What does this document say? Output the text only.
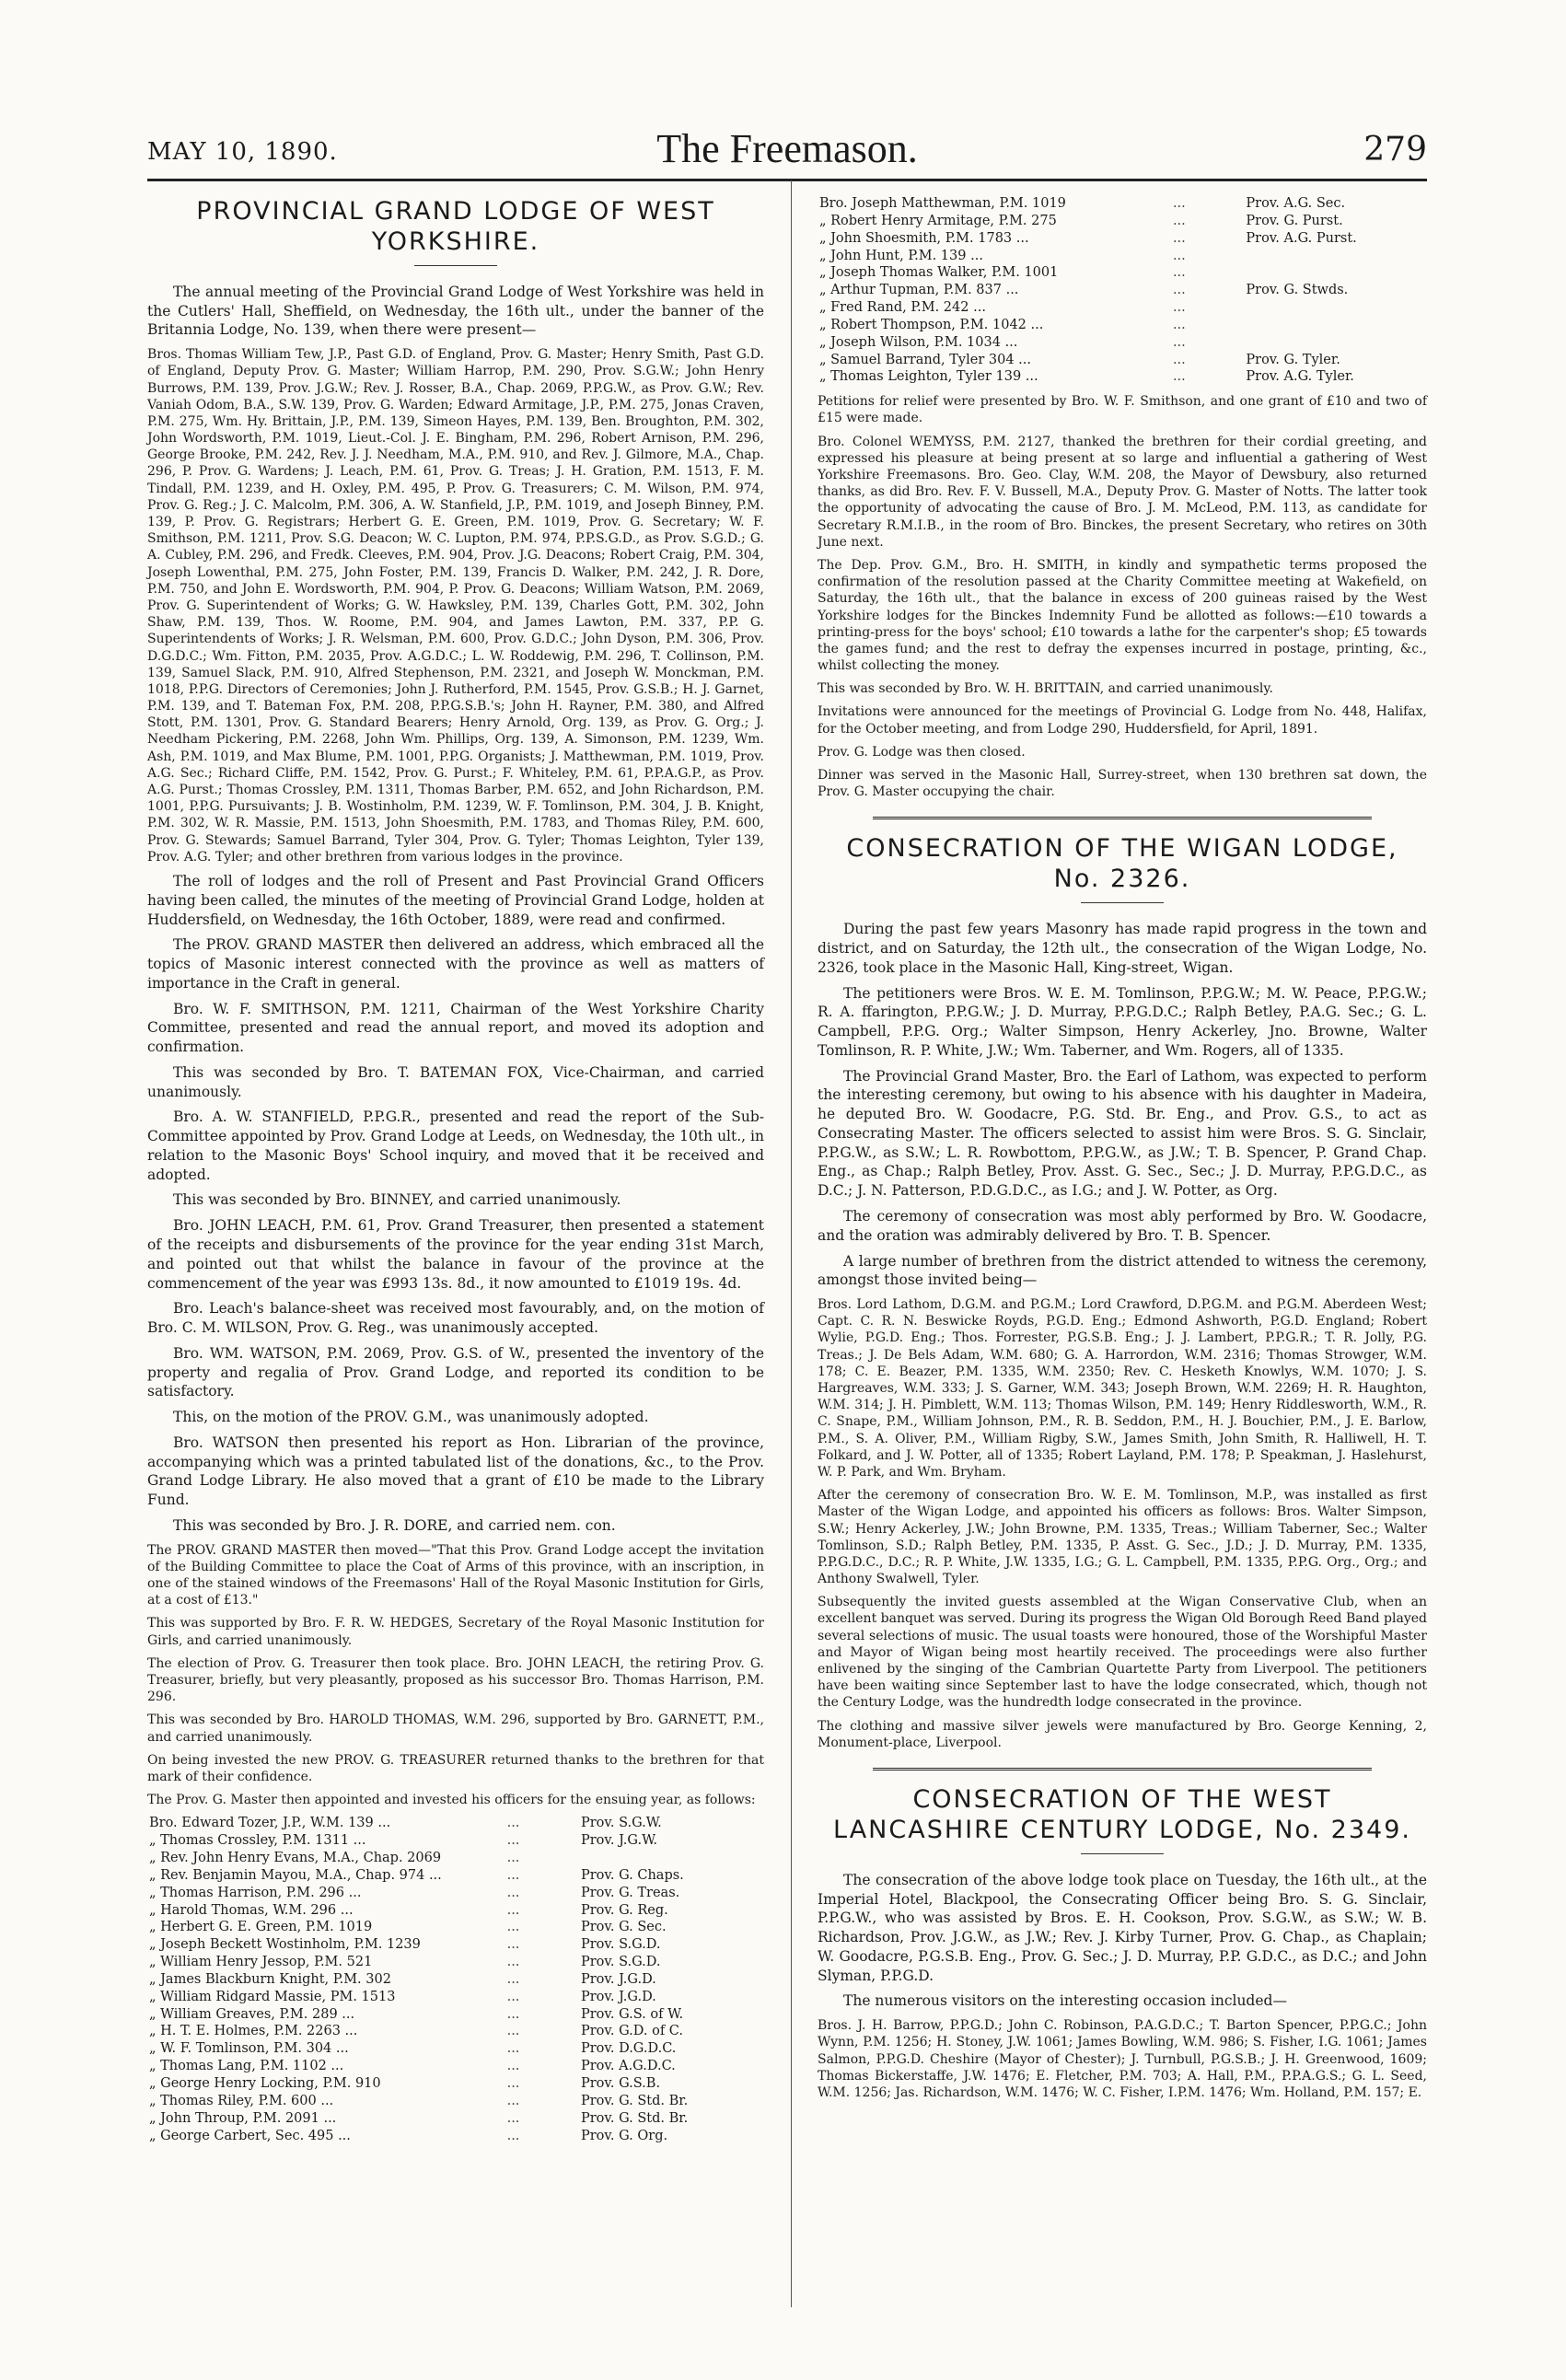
MAY 10, 1890.	The Freemason.	279
PROVINCIAL GRAND LODGE OF WEST YORKSHIRE.

The annual meeting of the Provincial Grand Lodge of West Yorkshire was held in the Cutlers' Hall, Sheffield, on Wednesday, the 16th ult., under the banner of the Britannia Lodge, No. 139, when there were present—

Bros. Thomas William Tew, J.P., Past G.D. of England, Prov. G. Master; Henry Smith, Past G.D. of England, Deputy Prov. G. Master; William Harrop, P.M. 290, Prov. S.G.W.; John Henry Burrows, P.M. 139, Prov. J.G.W.; Rev. J. Rosser, B.A., Chap. 2069, P.P.G.W., as Prov. G.W.; Rev. Vaniah Odom, B.A., S.W. 139, Prov. G. Warden; Edward Armitage, J.P., P.M. 275, Jonas Craven, P.M. 275, Wm. Hy. Brittain, J.P., P.M. 139, Simeon Hayes, P.M. 139, Ben. Broughton, P.M. 302, John Wordsworth, P.M. 1019, Lieut.-Col. J. E. Bingham, P.M. 296, Robert Arnison, P.M. 296, George Brooke, P.M. 242, Rev. J. J. Needham, M.A., P.M. 910, and Rev. J. Gilmore, M.A., Chap. 296, P. Prov. G. Wardens; J. Leach, P.M. 61, Prov. G. Treas; J. H. Gration, P.M. 1513, F. M. Tindall, P.M. 1239, and H. Oxley, P.M. 495, P. Prov. G. Treasurers; C. M. Wilson, P.M. 974, Prov. G. Reg.; J. C. Malcolm, P.M. 306, A. W. Stanfield, J.P., P.M. 1019, and Joseph Binney, P.M. 139, P. Prov. G. Registrars; Herbert G. E. Green, P.M. 1019, Prov. G. Secretary; W. F. Smithson, P.M. 1211, Prov. S.G. Deacon; W. C. Lupton, P.M. 974, P.P.S.G.D., as Prov. S.G.D.; G. A. Cubley, P.M. 296, and Fredk. Cleeves, P.M. 904, Prov. J.G. Deacons; Robert Craig, P.M. 304, Joseph Lowenthal, P.M. 275, John Foster, P.M. 139, Francis D. Walker, P.M. 242, J. R. Dore, P.M. 750, and John E. Wordsworth, P.M. 904, P. Prov. G. Deacons; William Watson, P.M. 2069, Prov. G. Superintendent of Works; G. W. Hawksley, P.M. 139, Charles Gott, P.M. 302, John Shaw, P.M. 139, Thos. W. Roome, P.M. 904, and James Lawton, P.M. 337, P.P. G. Superintendents of Works; J. R. Welsman, P.M. 600, Prov. G.D.C.; John Dyson, P.M. 306, Prov. D.G.D.C.; Wm. Fitton, P.M. 2035, Prov. A.G.D.C.; L. W. Roddewig, P.M. 296, T. Collinson, P.M. 139, Samuel Slack, P.M. 910, Alfred Stephenson, P.M. 2321, and Joseph W. Monckman, P.M. 1018, P.P.G. Directors of Ceremonies; John J. Rutherford, P.M. 1545, Prov. G.S.B.; H. J. Garnet, P.M. 139, and T. Bateman Fox, P.M. 208, P.P.G.S.B.'s; John H. Rayner, P.M. 380, and Alfred Stott, P.M. 1301, Prov. G. Standard Bearers; Henry Arnold, Org. 139, as Prov. G. Org.; J. Needham Pickering, P.M. 2268, John Wm. Phillips, Org. 139, A. Simonson, P.M. 1239, Wm. Ash, P.M. 1019, and Max Blume, P.M. 1001, P.P.G. Organists; J. Matthewman, P.M. 1019, Prov. A.G. Sec.; Richard Cliffe, P.M. 1542, Prov. G. Purst.; F. Whiteley, P.M. 61, P.P.A.G.P., as Prov. A.G. Purst.; Thomas Crossley, P.M. 1311, Thomas Barber, P.M. 652, and John Richardson, P.M. 1001, P.P.G. Pursuivants; J. B. Wostinholm, P.M. 1239, W. F. Tomlinson, P.M. 304, J. B. Knight, P.M. 302, W. R. Massie, P.M. 1513, John Shoesmith, P.M. 1783, and Thomas Riley, P.M. 600, Prov. G. Stewards; Samuel Barrand, Tyler 304, Prov. G. Tyler; Thomas Leighton, Tyler 139, Prov. A.G. Tyler; and other brethren from various lodges in the province.

The roll of lodges and the roll of Present and Past Provincial Grand Officers having been called, the minutes of the meeting of Provincial Grand Lodge, holden at Huddersfield, on Wednesday, the 16th October, 1889, were read and confirmed.

The PROV. GRAND MASTER then delivered an address, which embraced all the topics of Masonic interest connected with the province as well as matters of importance in the Craft in general.

Bro. W. F. SMITHSON, P.M. 1211, Chairman of the West Yorkshire Charity Committee, presented and read the annual report, and moved its adoption and confirmation.

This was seconded by Bro. T. BATEMAN FOX, Vice-Chairman, and carried unanimously.

Bro. A. W. STANFIELD, P.P.G.R., presented and read the report of the Sub-Committee appointed by Prov. Grand Lodge at Leeds, on Wednesday, the 10th ult., in relation to the Masonic Boys' School inquiry, and moved that it be received and adopted.

This was seconded by Bro. BINNEY, and carried unanimously.

Bro. JOHN LEACH, P.M. 61, Prov. Grand Treasurer, then presented a statement of the receipts and disbursements of the province for the year ending 31st March, and pointed out that whilst the balance in favour of the province at the commencement of the year was £993 13s. 8d., it now amounted to £1019 19s. 4d.

Bro. Leach's balance-sheet was received most favourably, and, on the motion of Bro. C. M. WILSON, Prov. G. Reg., was unanimously accepted.

Bro. WM. WATSON, P.M. 2069, Prov. G.S. of W., presented the inventory of the property and regalia of Prov. Grand Lodge, and reported its condition to be satisfactory.

This, on the motion of the PROV. G.M., was unanimously adopted.

Bro. WATSON then presented his report as Hon. Librarian of the province, accompanying which was a printed tabulated list of the donations, &c., to the Prov. Grand Lodge Library. He also moved that a grant of £10 be made to the Library Fund.

This was seconded by Bro. J. R. DORE, and carried nem. con.

The PROV. GRAND MASTER then moved—"That this Prov. Grand Lodge accept the invitation of the Building Committee to place the Coat of Arms of this province, with an inscription, in one of the stained windows of the Freemasons' Hall of the Royal Masonic Institution for Girls, at a cost of £13."

This was supported by Bro. F. R. W. HEDGES, Secretary of the Royal Masonic Institution for Girls, and carried unanimously.

The election of Prov. G. Treasurer then took place. Bro. JOHN LEACH, the retiring Prov. G. Treasurer, briefly, but very pleasantly, proposed as his successor Bro. Thomas Harrison, P.M. 296.

This was seconded by Bro. HAROLD THOMAS, W.M. 296, supported by Bro. GARNETT, P.M., and carried unanimously.

On being invested the new PROV. G. TREASURER returned thanks to the brethren for that mark of their confidence.

The Prov. G. Master then appointed and invested his officers for the ensuing year, as follows:

Bro. Edward Tozer, J.P., W.M. 139 ...	...	Prov. S.G.W.
„ Thomas Crossley, P.M. 1311 ...	...	Prov. J.G.W.
„ Rev. John Henry Evans, M.A., Chap. 2069	...	
„ Rev. Benjamin Mayou, M.A., Chap. 974 ...	...	Prov. G. Chaps.
„ Thomas Harrison, P.M. 296 ...	...	Prov. G. Treas.
„ Harold Thomas, W.M. 296 ...	...	Prov. G. Reg.
„ Herbert G. E. Green, P.M. 1019	...	Prov. G. Sec.
„ Joseph Beckett Wostinholm, P.M. 1239	...	Prov. S.G.D.
„ William Henry Jessop, P.M. 521	...	Prov. S.G.D.
„ James Blackburn Knight, P.M. 302	...	Prov. J.G.D.
„ William Ridgard Massie, PM. 1513	...	Prov. J.G.D.
„ William Greaves, P.M. 289 ...	...	Prov. G.S. of W.
„ H. T. E. Holmes, P.M. 2263 ...	...	Prov. G.D. of C.
„ W. F. Tomlinson, P.M. 304 ...	...	Prov. D.G.D.C.
„ Thomas Lang, P.M. 1102 ...	...	Prov. A.G.D.C.
„ George Henry Locking, P.M. 910	...	Prov. G.S.B.
„ Thomas Riley, P.M. 600 ...	...	Prov. G. Std. Br.
„ John Throup, P.M. 2091 ...	...	Prov. G. Std. Br.
„ George Carbert, Sec. 495 ...	...	Prov. G. Org.
Bro. Joseph Matthewman, P.M. 1019	...	Prov. A.G. Sec.
„ Robert Henry Armitage, P.M. 275	...	Prov. G. Purst.
„ John Shoesmith, P.M. 1783 ...	...	Prov. A.G. Purst.
„ John Hunt, P.M. 139 ...	...	
„ Joseph Thomas Walker, P.M. 1001	...	
„ Arthur Tupman, P.M. 837 ...	...	Prov. G. Stwds.
„ Fred Rand, P.M. 242 ...	...	
„ Robert Thompson, P.M. 1042 ...	...	
„ Joseph Wilson, P.M. 1034 ...	...	
„ Samuel Barrand, Tyler 304 ...	...	Prov. G. Tyler.
„ Thomas Leighton, Tyler 139 ...	...	Prov. A.G. Tyler.

Petitions for relief were presented by Bro. W. F. Smithson, and one grant of £10 and two of £15 were made.

Bro. Colonel WEMYSS, P.M. 2127, thanked the brethren for their cordial greeting, and expressed his pleasure at being present at so large and influential a gathering of West Yorkshire Freemasons. Bro. Geo. Clay, W.M. 208, the Mayor of Dewsbury, also returned thanks, as did Bro. Rev. F. V. Bussell, M.A., Deputy Prov. G. Master of Notts. The latter took the opportunity of advocating the cause of Bro. J. M. McLeod, P.M. 113, as candidate for Secretary R.M.I.B., in the room of Bro. Binckes, the present Secretary, who retires on 30th June next.

The Dep. Prov. G.M., Bro. H. SMITH, in kindly and sympathetic terms proposed the confirmation of the resolution passed at the Charity Committee meeting at Wakefield, on Saturday, the 16th ult., that the balance in excess of 200 guineas raised by the West Yorkshire lodges for the Binckes Indemnity Fund be allotted as follows:—£10 towards a printing-press for the boys' school; £10 towards a lathe for the carpenter's shop; £5 towards the games fund; and the rest to defray the expenses incurred in postage, printing, &c., whilst collecting the money.

This was seconded by Bro. W. H. BRITTAIN, and carried unanimously.

Invitations were announced for the meetings of Provincial G. Lodge from No. 448, Halifax, for the October meeting, and from Lodge 290, Huddersfield, for April, 1891.

Prov. G. Lodge was then closed.

Dinner was served in the Masonic Hall, Surrey-street, when 130 brethren sat down, the Prov. G. Master occupying the chair.

CONSECRATION OF THE WIGAN LODGE,
No. 2326.

During the past few years Masonry has made rapid progress in the town and district, and on Saturday, the 12th ult., the consecration of the Wigan Lodge, No. 2326, took place in the Masonic Hall, King-street, Wigan.

The petitioners were Bros. W. E. M. Tomlinson, P.P.G.W.; M. W. Peace, P.P.G.W.; R. A. ffarington, P.P.G.W.; J. D. Murray, P.P.G.D.C.; Ralph Betley, P.A.G. Sec.; G. L. Campbell, P.P.G. Org.; Walter Simpson, Henry Ackerley, Jno. Browne, Walter Tomlinson, R. P. White, J.W.; Wm. Taberner, and Wm. Rogers, all of 1335.

The Provincial Grand Master, Bro. the Earl of Lathom, was expected to perform the interesting ceremony, but owing to his absence with his daughter in Madeira, he deputed Bro. W. Goodacre, P.G. Std. Br. Eng., and Prov. G.S., to act as Consecrating Master. The officers selected to assist him were Bros. S. G. Sinclair, P.P.G.W., as S.W.; L. R. Rowbottom, P.P.G.W., as J.W.; T. B. Spencer, P. Grand Chap. Eng., as Chap.; Ralph Betley, Prov. Asst. G. Sec., Sec.; J. D. Murray, P.P.G.D.C., as D.C.; J. N. Patterson, P.D.G.D.C., as I.G.; and J. W. Potter, as Org.

The ceremony of consecration was most ably performed by Bro. W. Goodacre, and the oration was admirably delivered by Bro. T. B. Spencer.

A large number of brethren from the district attended to witness the ceremony, amongst those invited being—

Bros. Lord Lathom, D.G.M. and P.G.M.; Lord Crawford, D.P.G.M. and P.G.M. Aberdeen West; Capt. C. R. N. Beswicke Royds, P.G.D. Eng.; Edmond Ashworth, P.G.D. England; Robert Wylie, P.G.D. Eng.; Thos. Forrester, P.G.S.B. Eng.; J. J. Lambert, P.P.G.R.; T. R. Jolly, P.G. Treas.; J. De Bels Adam, W.M. 680; G. A. Harrordon, W.M. 2316; Thomas Strowger, W.M. 178; C. E. Beazer, P.M. 1335, W.M. 2350; Rev. C. Hesketh Knowlys, W.M. 1070; J. S. Hargreaves, W.M. 333; J. S. Garner, W.M. 343; Joseph Brown, W.M. 2269; H. R. Haughton, W.M. 314; J. H. Pimblett, W.M. 113; Thomas Wilson, P.M. 149; Henry Riddlesworth, W.M., R. C. Snape, P.M., William Johnson, P.M., R. B. Seddon, P.M., H. J. Bouchier, P.M., J. E. Barlow, P.M., S. A. Oliver, P.M., William Rigby, S.W., James Smith, John Smith, R. Halliwell, H. T. Folkard, and J. W. Potter, all of 1335; Robert Layland, P.M. 178; P. Speakman, J. Haslehurst, W. P. Park, and Wm. Bryham.

After the ceremony of consecration Bro. W. E. M. Tomlinson, M.P., was installed as first Master of the Wigan Lodge, and appointed his officers as follows: Bros. Walter Simpson, S.W.; Henry Ackerley, J.W.; John Browne, P.M. 1335, Treas.; William Taberner, Sec.; Walter Tomlinson, S.D.; Ralph Betley, P.M. 1335, P. Asst. G. Sec., J.D.; J. D. Murray, P.M. 1335, P.P.G.D.C., D.C.; R. P. White, J.W. 1335, I.G.; G. L. Campbell, P.M. 1335, P.P.G. Org., Org.; and Anthony Swalwell, Tyler.

Subsequently the invited guests assembled at the Wigan Conservative Club, when an excellent banquet was served. During its progress the Wigan Old Borough Reed Band played several selections of music. The usual toasts were honoured, those of the Worshipful Master and Mayor of Wigan being most heartily received. The proceedings were also further enlivened by the singing of the Cambrian Quartette Party from Liverpool. The petitioners have been waiting since September last to have the lodge consecrated, which, though not the Century Lodge, was the hundredth lodge consecrated in the province.

The clothing and massive silver jewels were manufactured by Bro. George Kenning, 2, Monument-place, Liverpool.

CONSECRATION OF THE WEST
LANCASHIRE CENTURY LODGE, No. 2349.

The consecration of the above lodge took place on Tuesday, the 16th ult., at the Imperial Hotel, Blackpool, the Consecrating Officer being Bro. S. G. Sinclair, P.P.G.W., who was assisted by Bros. E. H. Cookson, Prov. S.G.W., as S.W.; W. B. Richardson, Prov. J.G.W., as J.W.; Rev. J. Kirby Turner, Prov. G. Chap., as Chaplain; W. Goodacre, P.G.S.B. Eng., Prov. G. Sec.; J. D. Murray, P.P. G.D.C., as D.C.; and John Slyman, P.P.G.D.

The numerous visitors on the interesting occasion included—

Bros. J. H. Barrow, P.P.G.D.; John C. Robinson, P.A.G.D.C.; T. Barton Spencer, P.P.G.C.; John Wynn, P.M. 1256; H. Stoney, J.W. 1061; James Bowling, W.M. 986; S. Fisher, I.G. 1061; James Salmon, P.P.G.D. Cheshire (Mayor of Chester); J. Turnbull, P.G.S.B.; J. H. Greenwood, 1609; Thomas Bickerstaffe, J.W. 1476; E. Fletcher, P.M. 703; A. Hall, P.M., P.P.A.G.S.; G. L. Seed, W.M. 1256; Jas. Richardson, W.M. 1476; W. C. Fisher, I.P.M. 1476; Wm. Holland, P.M. 157; E.
